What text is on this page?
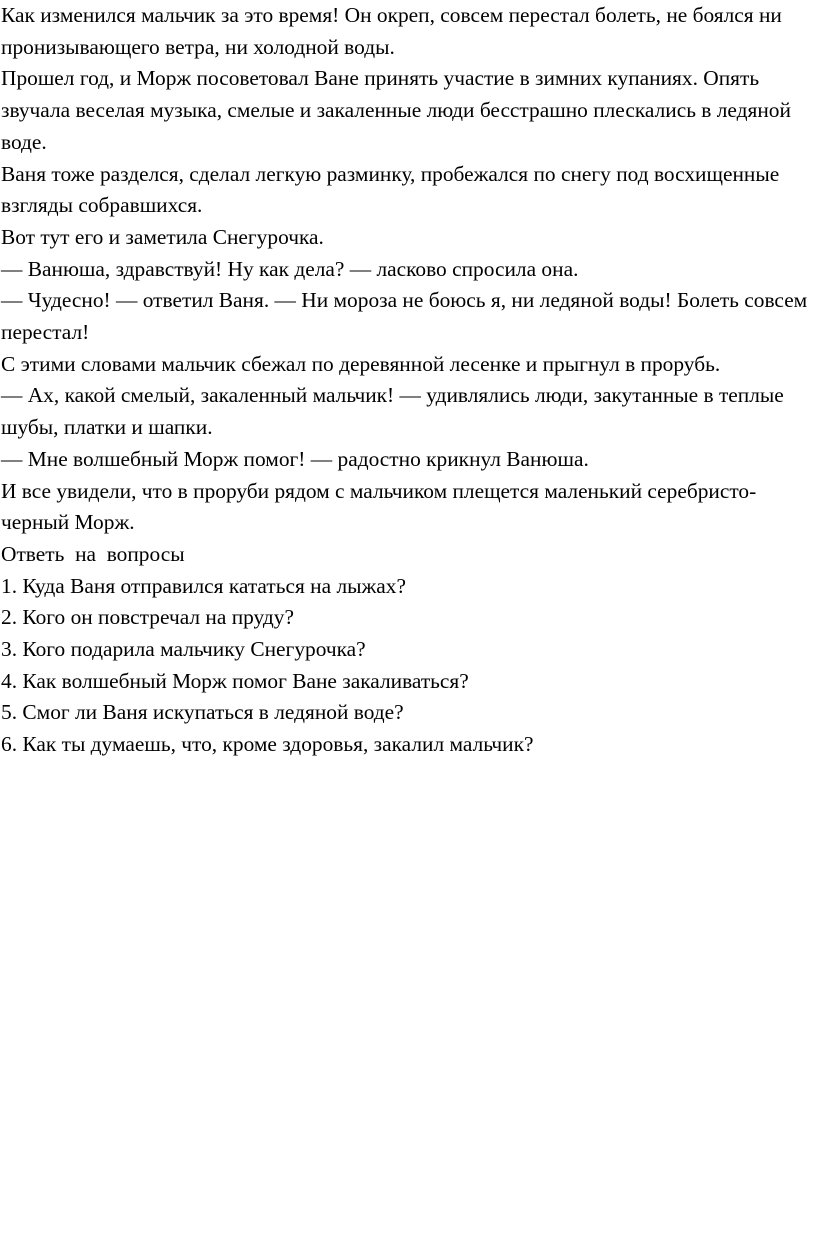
Как изменился мальчик за это время! Он окреп, совсем перестал болеть, не боялся ни пронизывающего ветра, ни холодной воды.

Прошел год, и Морж посоветовал Ване принять участие в зимних купаниях. Опять звучала веселая музыка, смелые и закаленные люди бесстрашно плескались в ледяной воде.

Ваня тоже разделся, сделал легкую разминку, пробежался по снегу под восхищенные взгляды собравшихся.

Вот тут его и заметила Снегурочка.

— Ванюша, здравствуй! Ну как дела? — ласково спросила она.

— Чудесно! — ответил Ваня. — Ни мороза не боюсь я, ни ледяной воды! Болеть совсем перестал!

С этими словами мальчик сбежал по деревянной лесенке и прыгнул в прорубь.

— Ах, какой смелый, закаленный мальчик! — удивлялись люди, закутанные в теплые шубы, платки и шапки.

— Мне волшебный Морж помог! — радостно крикнул Ванюша.

И все увидели, что в проруби рядом с мальчиком плещется маленький серебристо-черный Морж.

Ответь  на  вопросы

1. Куда Ваня отправился кататься на лыжах?
2. Кого он повстречал на пруду?
3. Кого подарила мальчику Снегурочка?
4. Как волшебный Морж помог Ване закаливаться?
5. Смог ли Ваня искупаться в ледяной воде?
6. Как ты думаешь, что, кроме здоровья, закалил мальчик?
